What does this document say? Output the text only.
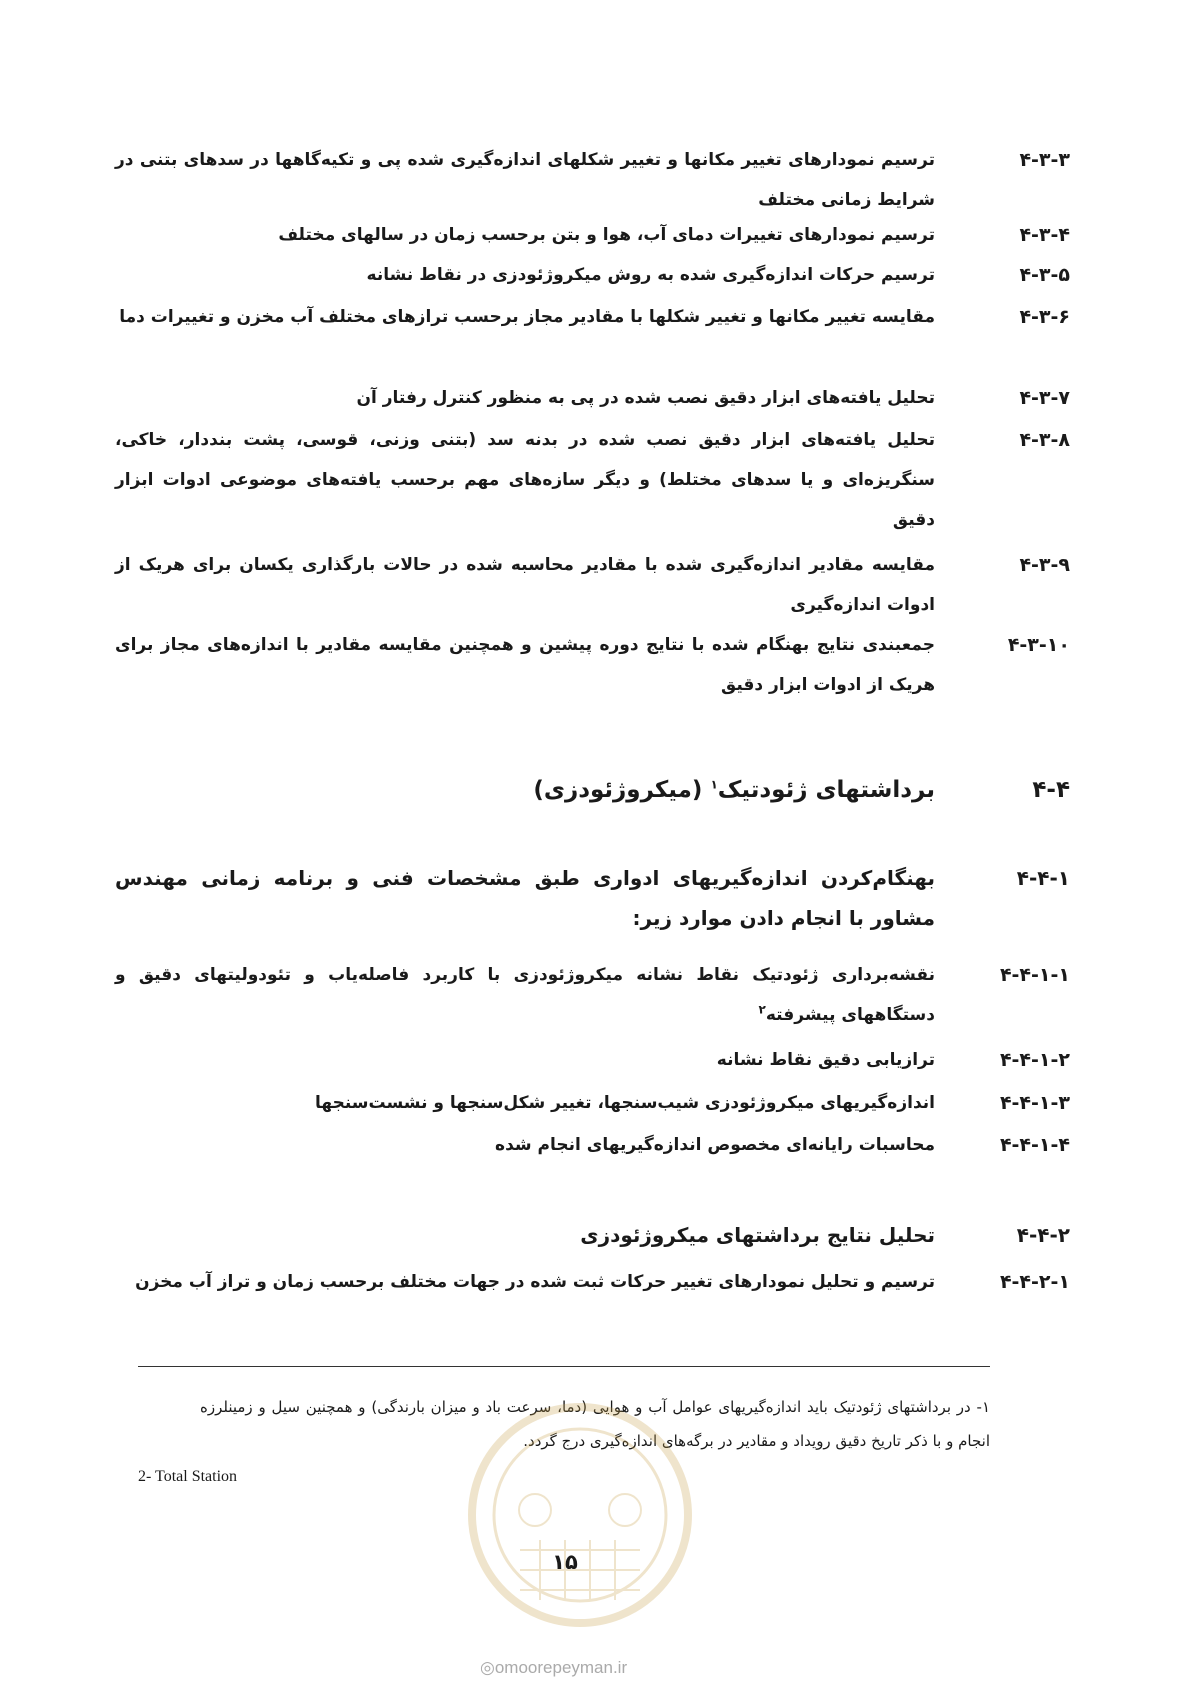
۴-۳-۳
ترسیم نمودارهای تغییر مکانها و تغییر شکلهای اندازه‌گیری شده پی و تکیه‌گاهها در سدهای بتنی در شرایط زمانی مختلف
۴-۳-۴
ترسیم نمودارهای تغییرات دمای آب، هوا و بتن برحسب زمان در سالهای مختلف
۴-۳-۵
ترسیم حرکات اندازه‌گیری شده به روش میکروژئودزی در نقاط نشانه
۴-۳-۶
مقایسه تغییر مکانها و تغییر شکلها با مقادیر مجاز برحسب ترازهای مختلف آب مخزن و تغییرات دما
۴-۳-۷
تحلیل یافته‌های ابزار دقیق نصب شده در پی به منظور کنترل رفتار آن
۴-۳-۸
تحلیل یافته‌های ابزار دقیق نصب شده در بدنه سد (بتنی وزنی، قوسی، پشت بنددار، خاکی، سنگریزه‌ای و یا سدهای مختلط) و دیگر سازه‌های مهم برحسب یافته‌های موضوعی ادوات ابزار دقیق
۴-۳-۹
مقایسه مقادیر اندازه‌گیری شده با مقادیر محاسبه شده در حالات بارگذاری یکسان برای هریک از ادوات اندازه‌گیری
۴-۳-۱۰
جمعبندی نتایج بهنگام شده با نتایج دوره پیشین و همچنین مقایسه مقادیر با اندازه‌های مجاز برای هریک از ادوات ابزار دقیق
۴-۴
برداشتهای ژئودتیک$^۱$ (میکروژئودزی)
۴-۴-۱
بهنگام‌کردن اندازه‌گیریهای ادواری طبق مشخصات فنی و برنامه زمانی مهندس مشاور با انجام دادن موارد زیر:
۴-۴-۱-۱
نقشه‌برداری ژئودتیک نقاط نشانه میکروژئودزی با کاربرد فاصله‌یاب و تئودولیتهای دقیق و دستگاههای پیشرفته$^۲$
۴-۴-۱-۲
ترازیابی دقیق نقاط نشانه
۴-۴-۱-۳
اندازه‌گیریهای میکروژئودزی شیب‌سنجها، تغییر شکل‌سنجها و نشست‌سنجها
۴-۴-۱-۴
محاسبات رایانه‌ای مخصوص اندازه‌گیریهای انجام شده
۴-۴-۲
تحلیل نتایج برداشتهای میکروژئودزی
۴-۴-۲-۱
ترسیم و تحلیل نمودارهای تغییر حرکات ثبت شده در جهات مختلف برحسب زمان و تراز آب مخزن
۱- در برداشتهای ژئودتیک باید اندازه‌گیریهای عوامل آب و هوایی (دما، سرعت باد و میزان بارندگی) و همچنین سیل و زمینلرزه انجام و با ذکر تاریخ دقیق رویداد و مقادیر در برگه‌های اندازه‌گیری درج گردد.
2- Total Station
۱۵
◎omoorepeyman.ir
